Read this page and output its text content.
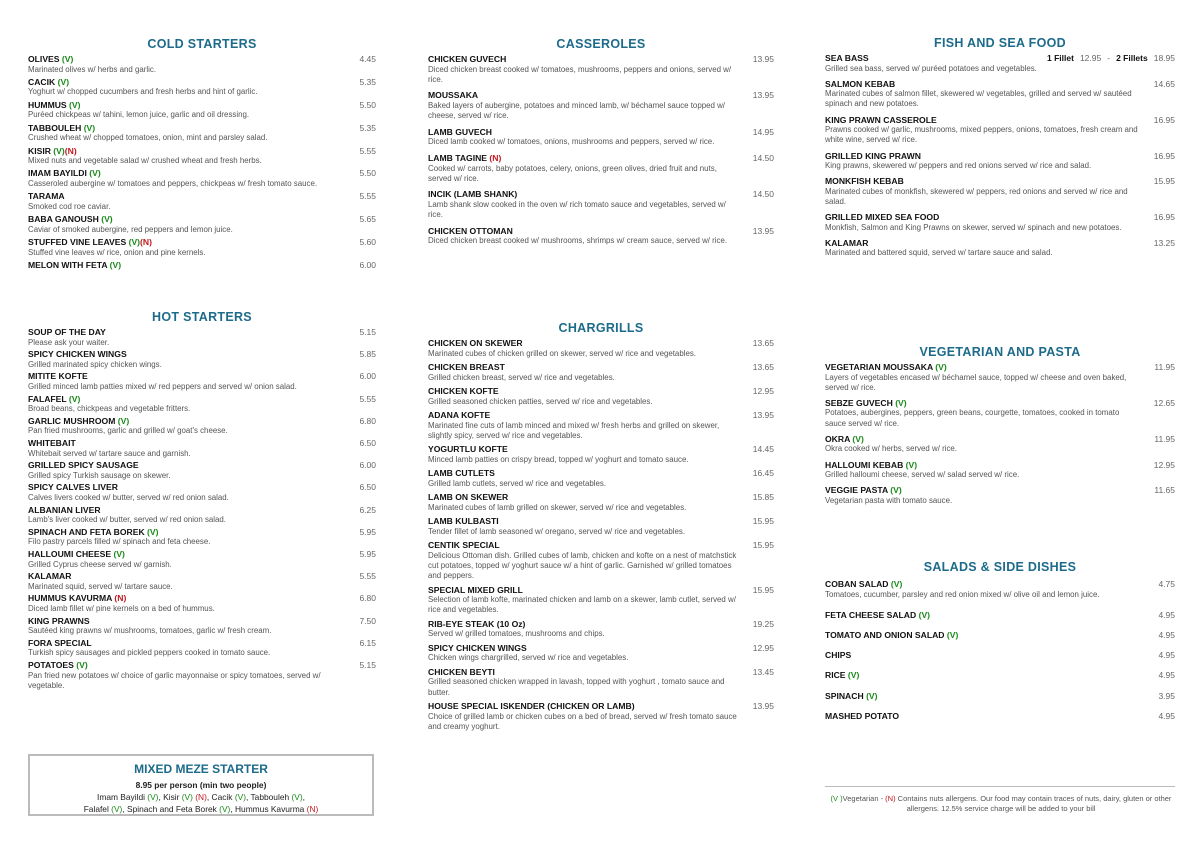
COLD STARTERS
OLIVES (V)	4.45
Marinated olives w/ herbs and garlic.
CACIK (V)	5.35
Yoghurt w/ chopped cucumbers and fresh herbs and hint of garlic.
HUMMUS (V)	5.50
Puréed chickpeas w/ tahini, lemon juice, garlic and oil dressing.
TABBOULEH (V)	5.35
Crushed wheat w/ chopped tomatoes, onion, mint and parsley salad.
KISIR (V)(N)	5.55
Mixed nuts and vegetable salad w/ crushed wheat and fresh herbs.
IMAM BAYILDI (V)	5.50
Casseroled aubergine w/ tomatoes and peppers, chickpeas w/ fresh tomato sauce.
TARAMA	5.55
Smoked cod roe caviar.
BABA GANOUSH (V)	5.65
Caviar of smoked aubergine, red peppers and lemon juice.
STUFFED VINE LEAVES (V)(N)	5.60
Stuffed vine leaves w/ rice, onion and pine kernels.
MELON WITH FETA (V)	6.00
HOT STARTERS
SOUP OF THE DAY	5.15
Please ask your waiter.
SPICY CHICKEN WINGS	5.85
Grilled marinated spicy chicken wings.
MITITE KOFTE	6.00
Grilled minced lamb patties mixed w/ red peppers and served w/ onion salad.
FALAFEL (V)	5.55
Broad beans, chickpeas and vegetable fritters.
GARLIC MUSHROOM (V)	6.80
Pan fried mushrooms, garlic and grilled w/ goat's cheese.
WHITEBAIT	6.50
Whitebait served w/ tartare sauce and garnish.
GRILLED SPICY SAUSAGE	6.00
Grilled spicy Turkish sausage on skewer.
SPICY CALVES LIVER	6.50
Calves livers cooked w/ butter, served w/ red onion salad.
ALBANIAN LIVER	6.25
Lamb's liver cooked w/ butter, served w/ red onion salad.
SPINACH AND FETA BOREK (V)	5.95
Filo pastry parcels filled w/ spinach and feta cheese.
HALLOUMI CHEESE (V)	5.95
Grilled Cyprus cheese served w/ garnish.
KALAMAR	5.55
Marinated squid, served w/ tartare sauce.
HUMMUS KAVURMA (N)	6.80
Diced lamb fillet w/ pine kernels on a bed of hummus.
KING PRAWNS	7.50
Sautéed king prawns w/ mushrooms, tomatoes, garlic w/ fresh cream.
FORA SPECIAL	6.15
Turkish spicy sausages and pickled peppers cooked in tomato sauce.
POTATOES (V)	5.15
Pan fried new potatoes w/ choice of garlic mayonnaise or spicy tomatoes, served w/ vegetable.
CASSEROLES
CHICKEN GUVECH	13.95
Diced chicken breast cooked w/ tomatoes, mushrooms, peppers and onions, served w/ rice.
MOUSSAKA	13.95
Baked layers of aubergine, potatoes and minced lamb, w/ béchamel sauce topped w/ cheese, served w/ rice.
LAMB GUVECH	14.95
Diced lamb cooked w/ tomatoes, onions, mushrooms and peppers, served w/ rice.
LAMB TAGINE (N)	14.50
Cooked w/ carrots, baby potatoes, celery, onions, green olives, dried fruit and nuts, served w/ rice.
INCIK (LAMB SHANK)	14.50
Lamb shank slow cooked in the oven w/ rich tomato sauce and vegetables, served w/ rice.
CHICKEN OTTOMAN	13.95
Diced chicken breast cooked w/ mushrooms, shrimps w/ cream sauce, served w/ rice.
CHARGRILLS
CHICKEN ON SKEWER	13.65
Marinated cubes of chicken grilled on skewer, served w/ rice and vegetables.
CHICKEN BREAST	13.65
Grilled chicken breast, served w/ rice and vegetables.
CHICKEN KOFTE	12.95
Grilled seasoned chicken patties, served w/ rice and vegetables.
ADANA KOFTE	13.95
Marinated fine cuts of lamb minced and mixed w/ fresh herbs and grilled on skewer, slightly spicy, served w/ rice and vegetables.
YOGURTLU KOFTE	14.45
Minced lamb patties on crispy bread, topped w/ yoghurt and tomato sauce.
LAMB CUTLETS	16.45
Grilled lamb cutlets, served w/ rice and vegetables.
LAMB ON SKEWER	15.85
Marinated cubes of lamb grilled on skewer, served w/ rice and vegetables.
LAMB KULBASTI	15.95
Tender fillet of lamb seasoned w/ oregano, served w/ rice and vegetables.
CENTIK SPECIAL	15.95
Delicious Ottoman dish. Grilled cubes of lamb, chicken and kofte on a nest of matchstick cut potatoes, topped w/ yoghurt sauce w/ a hint of garlic. Garnished w/ grilled tomatoes and peppers.
SPECIAL MIXED GRILL	15.95
Selection of lamb kofte, marinated chicken and lamb on a skewer, lamb cutlet, served w/ rice and vegetables.
RIB-EYE STEAK (10 Oz)	19.25
Served w/ grilled tomatoes, mushrooms and chips.
SPICY CHICKEN WINGS	12.95
Chicken wings chargrilled, served w/ rice and vegetables.
CHICKEN BEYTI	13.45
Grilled seasoned chicken wrapped in lavash, topped with yoghurt , tomato sauce and butter.
HOUSE SPECIAL ISKENDER (CHICKEN OR LAMB)	13.95
Choice of grilled lamb or chicken cubes on a bed of bread, served w/ fresh tomato sauce and creamy yoghurt.
FISH AND SEA FOOD
SEA BASS	1 Fillet 12.95 - 2 Fillets 18.95
Grilled sea bass, served w/ puréed potatoes and vegetables.
SALMON KEBAB	14.65
Marinated cubes of salmon fillet, skewered w/ vegetables, grilled and served w/ sautéed spinach and new potatoes.
KING PRAWN CASSEROLE	16.95
Prawns cooked w/ garlic, mushrooms, mixed peppers, onions, tomatoes, fresh cream and white wine, served w/ rice.
GRILLED KING PRAWN	16.95
King prawns, skewered w/ peppers and red onions served w/ rice and salad.
MONKFISH KEBAB	15.95
Marinated cubes of monkfish, skewered w/ peppers, red onions and served w/ rice and salad.
GRILLED MIXED SEA FOOD	16.95
Monkfish, Salmon and King Prawns on skewer, served w/ spinach and new potatoes.
KALAMAR	13.25
Marinated and battered squid, served w/ tartare sauce and salad.
VEGETARIAN AND PASTA
VEGETARIAN MOUSSAKA (V)	11.95
Layers of vegetables encased w/ béchamel sauce, topped w/ cheese and oven baked, served w/ rice.
SEBZE GUVECH (V)	12.65
Potatoes, aubergines, peppers, green beans, courgette, tomatoes, cooked in tomato sauce served w/ rice.
OKRA (V)	11.95
Okra cooked w/ herbs, served w/ rice.
HALLOUMI KEBAB (V)	12.95
Grilled halloumi cheese, served w/ salad served w/ rice.
VEGGIE PASTA (V)	11.65
Vegetarian pasta with tomato sauce.
SALADS & SIDE DISHES
COBAN SALAD (V)	4.75
Tomatoes, cucumber, parsley and red onion mixed w/ olive oil and lemon juice.
FETA CHEESE SALAD (V)	4.95
TOMATO AND ONION SALAD (V)	4.95
CHIPS	4.95
RICE (V)	4.95
SPINACH (V)	3.95
MASHED POTATO	4.95
MIXED MEZE STARTER
8.95 per person (min two people)
Imam Bayildi (V), Kisir (V) (N), Cacik (V), Tabbouleh (V),
Falafel (V), Spinach and Feta Borek (V), Hummus Kavurma (N)
(V )Vegetarian - (N) Contains nuts allergens. Our food may contain traces of nuts, dairy, gluten or other allergens. 12.5% service charge will be added to your bill
